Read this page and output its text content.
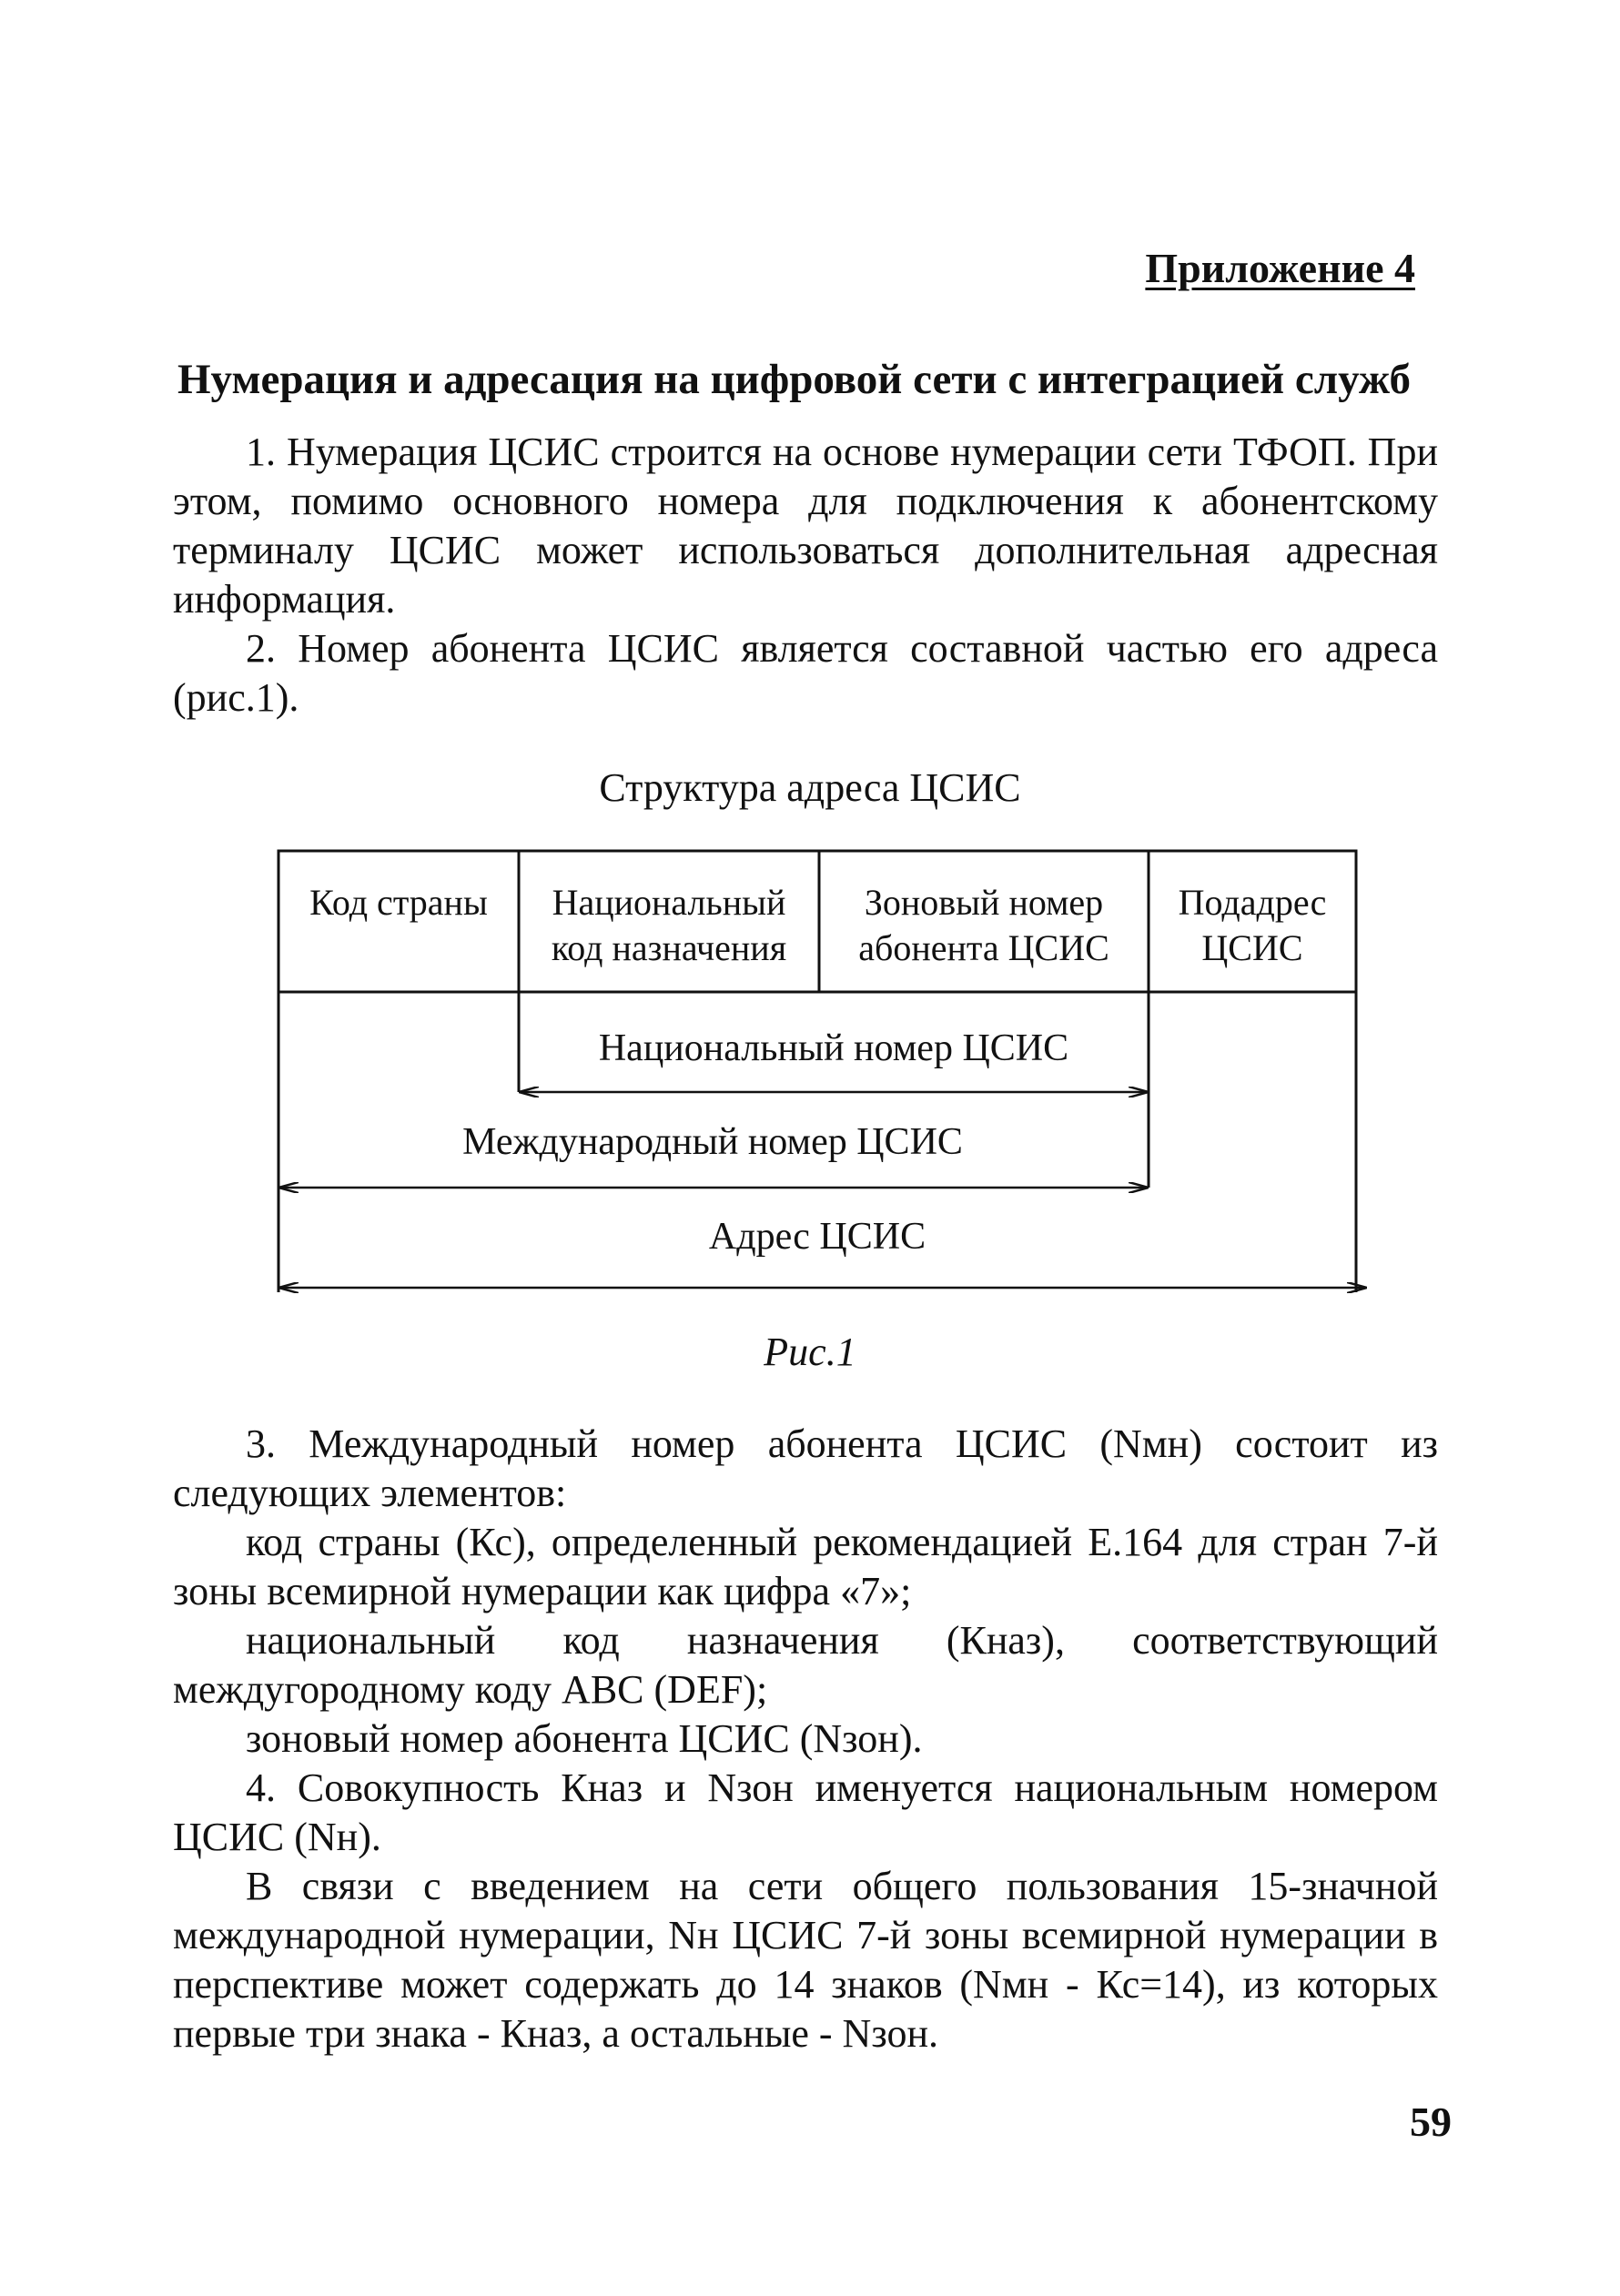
Приложение 4
Нумерация и адресация на цифровой сети с интеграцией служб

1. Нумерация ЦСИС строится на основе нумерации сети ТФОП. При этом, помимо основного номера для подключения к абонентскому терминалу ЦСИС может использоваться дополнительная адресная информация.

2. Номер абонента ЦСИС является составной частью его адреса (рис.1).

Структура адреса ЦСИС
Код страны Национальный
код назначения
Зоновый номер
абонента ЦСИС
Подадрес
ЦСИС
Национальный номер ЦСИС
Международный номер ЦСИС
Адрес ЦСИС
Рис.1

3. Международный номер абонента ЦСИС (Nмн) состоит из следующих элементов:

код страны (Кс), определенный рекомендацией Е.164 для стран 7-й зоны всемирной нумерации как цифра «7»;

национальный код назначения (Кназ), соответствующий междугородному коду АВС (DEF);

зоновый номер абонента ЦСИС (Nзон).

4. Совокупность Кназ и Nзон именуется национальным номером ЦСИС (Nн).

В связи с введением на сети общего пользования 15-значной международной нумерации, Nн ЦСИС 7-й зоны всемирной нумерации в перспективе может содержать до 14 знаков (Nмн - Кс=14), из которых первые три знака - Кназ, а остальные - Nзон.

59
